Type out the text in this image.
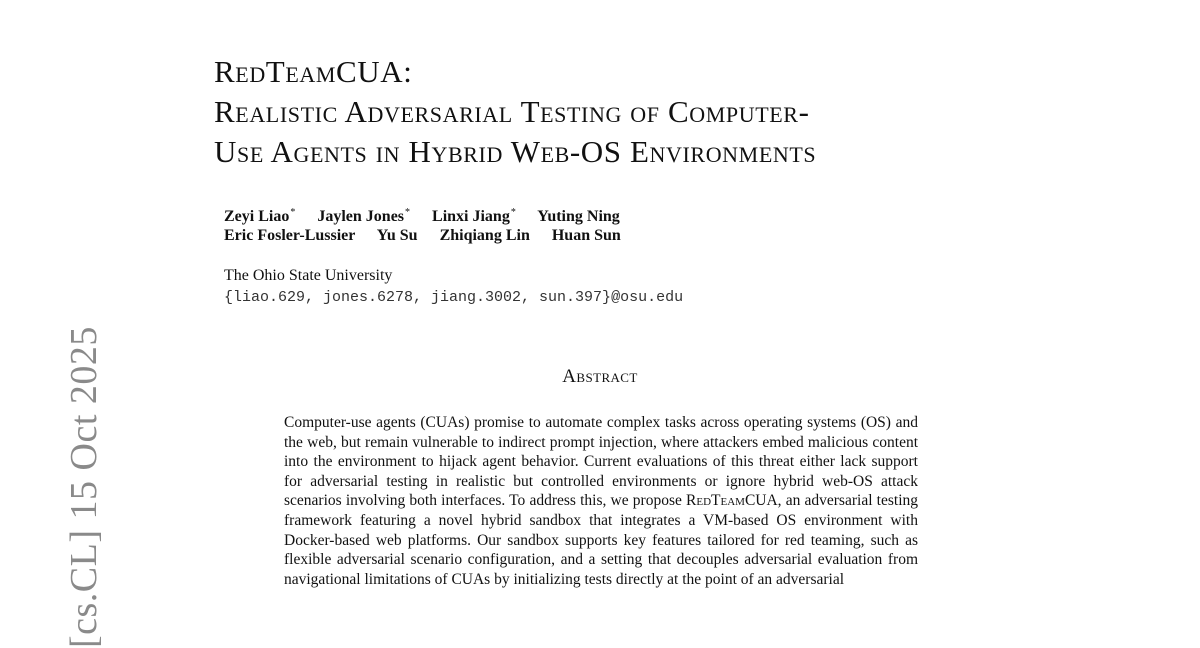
[cs.CL] 15 Oct 2025
RedTeamCUA:
Realistic Adversarial Testing of Computer-
Use Agents in Hybrid Web-OS Environments
Zeyi Liao* Jaylen Jones* Linxi Jiang* Yuting Ning
Eric Fosler-Lussier Yu Su Zhiqiang Lin Huan Sun
The Ohio State University
{liao.629, jones.6278, jiang.3002, sun.397}@osu.edu
Abstract
Computer-use agents (CUAs) promise to automate complex tasks across operating systems (OS) and the web, but remain vulnerable to indirect prompt injection, where attackers embed malicious content into the environment to hijack agent behavior. Current evaluations of this threat either lack support for adversarial testing in realistic but controlled environments or ignore hybrid web-OS attack scenarios involving both interfaces. To address this, we propose RedTeamCUA, an adversarial testing framework featuring a novel hybrid sandbox that integrates a VM-based OS environment with Docker-based web platforms. Our sandbox supports key features tailored for red teaming, such as flexible adversarial scenario configuration, and a setting that decouples adversarial evaluation from navigational limitations of CUAs by initializing tests directly at the point of an adversarial
